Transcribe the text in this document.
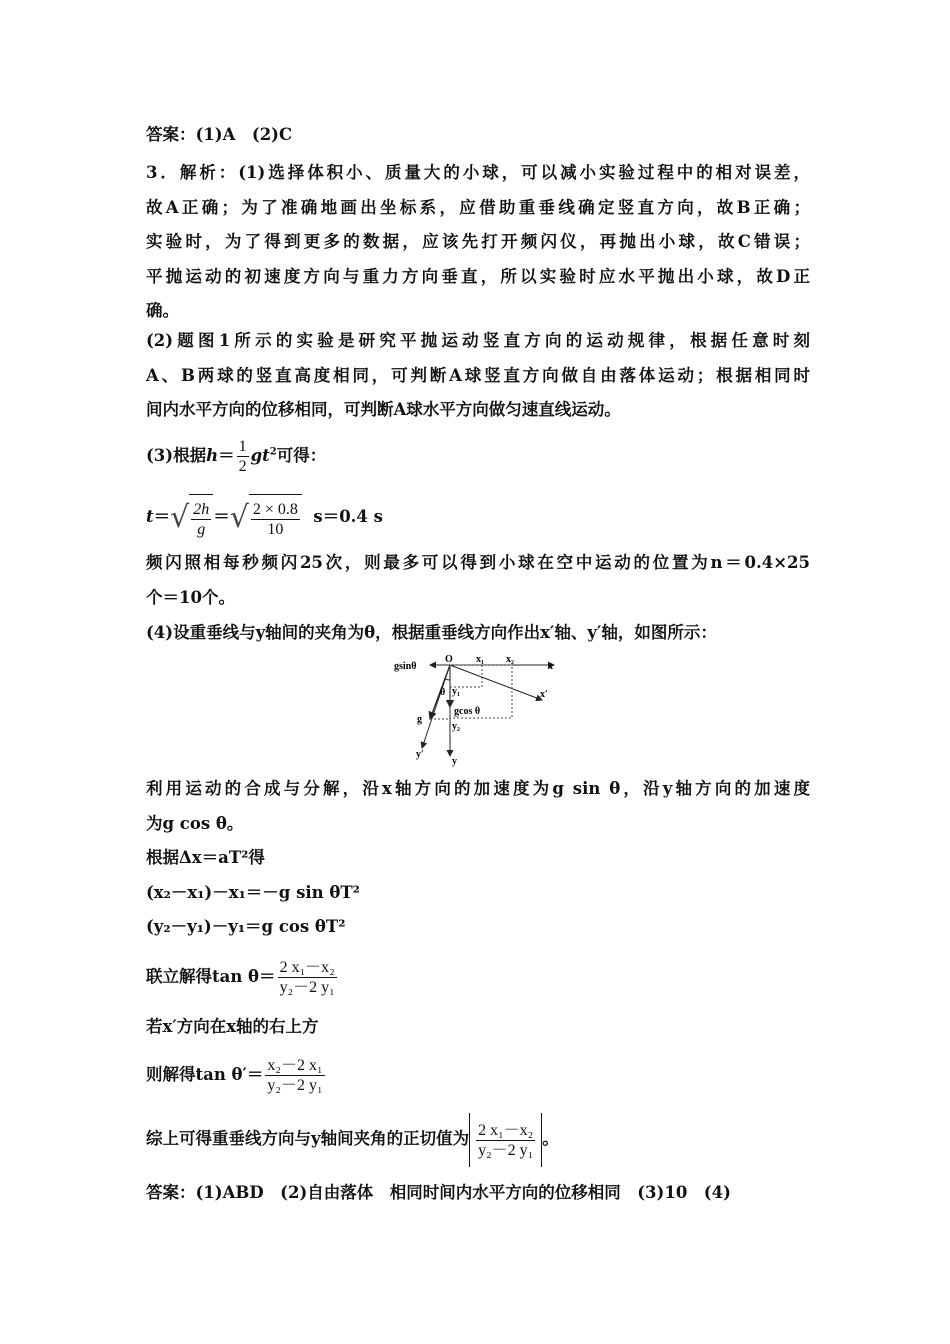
答案：(1)A　(2)C
3．解析：(1)选择体积小、质量大的小球，可以减小实验过程中的相对误差，
故A正确；为了准确地画出坐标系，应借助重垂线确定竖直方向，故B正确；
实验时，为了得到更多的数据，应该先打开频闪仪，再抛出小球，故C错误；
平抛运动的初速度方向与重力方向垂直，所以实验时应水平抛出小球，故D正
确。
(2)题图1所示的实验是研究平抛运动竖直方向的运动规律，根据任意时刻
A、B两球的竖直高度相同，可判断A球竖直方向做自由落体运动；根据相同时
间内水平方向的位移相同，可判断A球水平方向做匀速直线运动。
(3)根据$h= \frac{1}{2} gt^2$可得：
t＝ √ $\frac{2h}{g}$ ＝ √ $\frac{2 \times 0.8}{10} s=0.4$ s
频闪照相每秒频闪25次，则最多可以得到小球在空中运动的位置为n＝0.4×25
个＝10个。
(4)设重垂线与y轴间的夹角为θ，根据重垂线方向作出x′轴、y′轴，如图所示：
gsinθ
O x₁ x₂
x
x′
θ y₁
gcos θ
g
y₂
y′
y
利用运动的合成与分解，沿x轴方向的加速度为g sin θ，沿y轴方向的加速度
为g cos θ。
根据Δx＝aT²得
(x₂－x₁)－x₁＝－g sin θT²
(y₂－y₁)－y₁＝g cos θT²
联立解得$\tan \theta= \frac{\text{2 x₁－x₂}}{\text{y₂－2 y₁}}$
若x′方向在x轴的右上方
则解得$\tan \theta'= \frac{\text{x₂－2 x₁}}{\text{y₂－2 y₁}}$
综上可得重垂线方向与y轴间夹角的正切值为 $\frac{\text{2 x₁－x₂}}{\text{y₂－2 y₁}}$ 。
答案：(1)ABD　(2)自由落体　相同时间内水平方向的位移相同　(3)10　(4)
